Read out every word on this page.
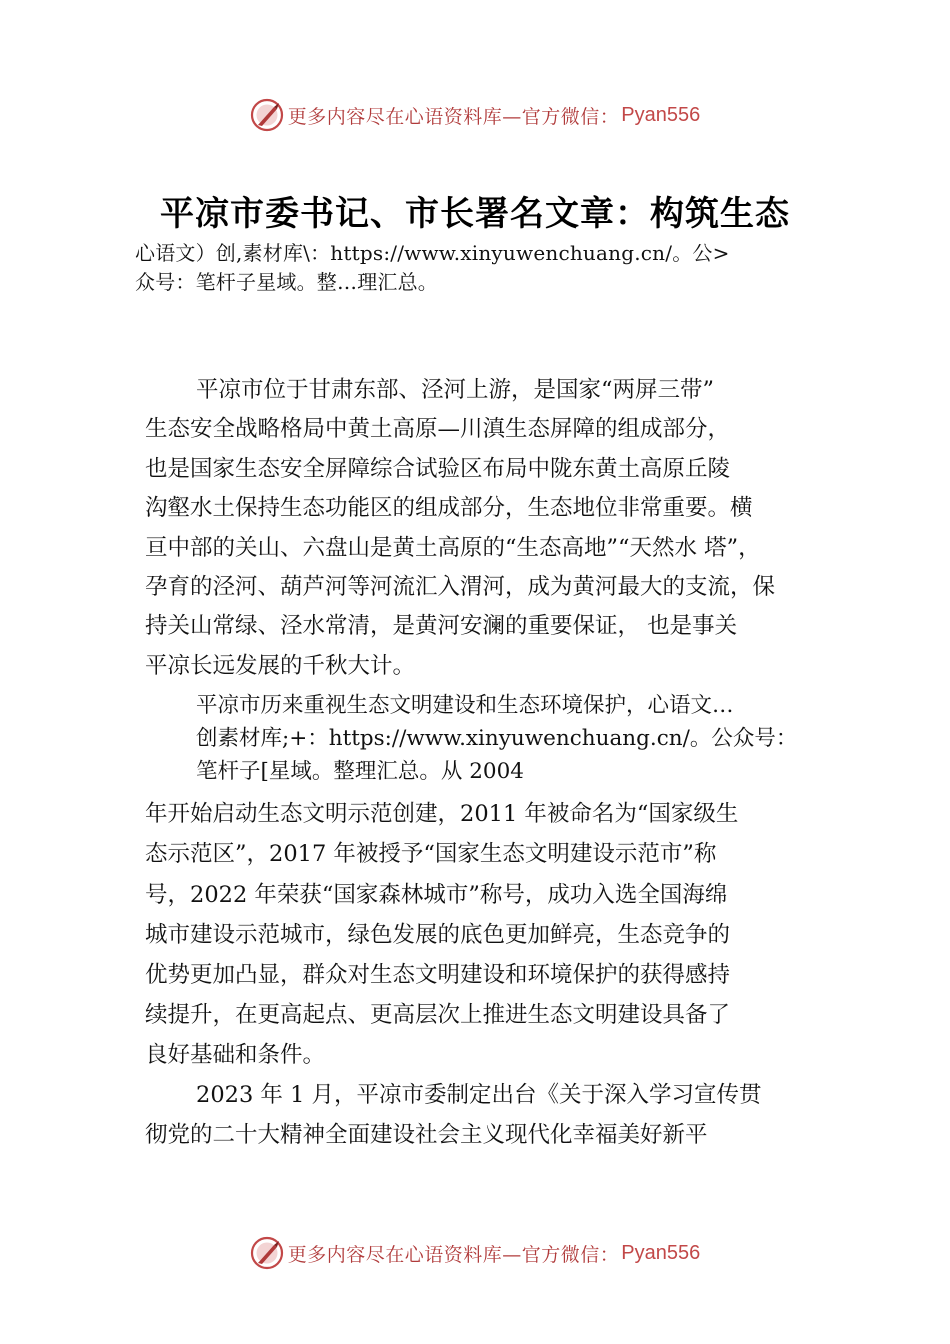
更多内容尽在心语资料库—官方微信： Pyan556
平凉市委书记、市长署名文章：构筑生态
心语文）创,素材库\：https://www.xinyuwenchuang.cn/。公>
众号：笔杆子星域。整…理汇总。
平凉市位于甘肃东部、泾河上游，是国家“两屏三带”
生态安全战略格局中黄土高原—川滇生态屏障的组成部分，
也是国家生态安全屏障综合试验区布局中陇东黄土高原丘陵
沟壑水土保持生态功能区的组成部分，生态地位非常重要。横
亘中部的关山、六盘山是黄土高原的“生态高地”“天然水 塔”，
孕育的泾河、葫芦河等河流汇入渭河，成为黄河最大的支流，保
持关山常绿、泾水常清，是黄河安澜的重要保证， 也是事关
平凉长远发展的千秋大计。
平凉市历来重视生态文明建设和生态环境保护，心语文…
创素材库;+：https://www.xinyuwenchuang.cn/。公众号：
笔杆子[星域。整理汇总。从 2004
年开始启动生态文明示范创建，2011 年被命名为“国家级生
态示范区”，2017 年被授予“国家生态文明建设示范市”称
号，2022 年荣获“国家森林城市”称号，成功入选全国海绵
城市建设示范城市，绿色发展的底色更加鲜亮，生态竞争的
优势更加凸显，群众对生态文明建设和环境保护的获得感持
续提升，在更高起点、更高层次上推进生态文明建设具备了
良好基础和条件。
2023 年 1 月，平凉市委制定出台《关于深入学习宣传贯
彻党的二十大精神全面建设社会主义现代化幸福美好新平
更多内容尽在心语资料库—官方微信： Pyan556
